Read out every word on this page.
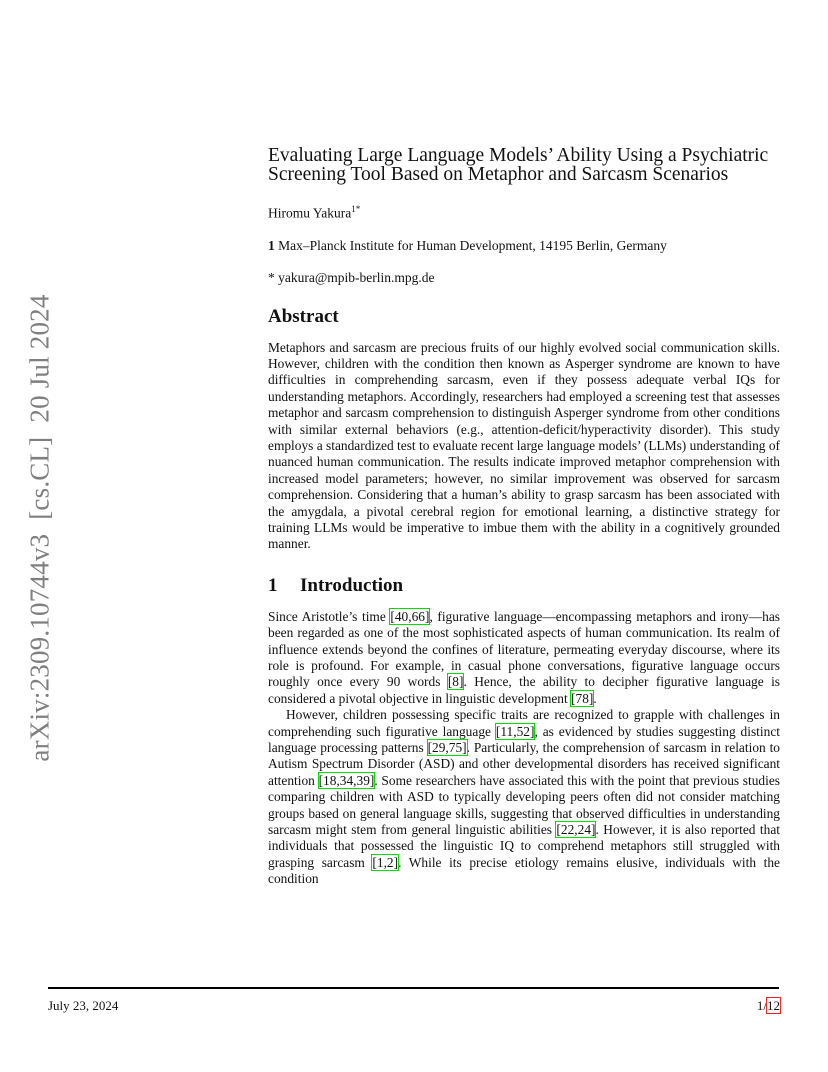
arXiv:2309.10744v3[cs.CL]20 Jul 2024
Evaluating Large Language Models’ Ability Using a Psychiatric Screening Tool Based on Metaphor and Sarcasm Scenarios
Hiromu Yakura$^{1*}$
1 Max–Planck Institute for Human Development, 14195 Berlin, Germany
* yakura@mpib-berlin.mpg.de
Abstract

Metaphors and sarcasm are precious fruits of our highly evolved social communication skills. However, children with the condition then known as Asperger syndrome are known to have difficulties in comprehending sarcasm, even if they possess adequate verbal IQs for understanding metaphors. Accordingly, researchers had employed a screening test that assesses metaphor and sarcasm comprehension to distinguish Asperger syndrome from other conditions with similar external behaviors (e.g., attention-deficit/hyperactivity disorder). This study employs a standardized test to evaluate recent large language models’ (LLMs) understanding of nuanced human communication. The results indicate improved metaphor comprehension with increased model parameters; however, no similar improvement was observed for sarcasm comprehension. Considering that a human’s ability to grasp sarcasm has been associated with the amygdala, a pivotal cerebral region for emotional learning, a distinctive strategy for training LLMs would be imperative to imbue them with the ability in a cognitively grounded manner.

1 Introduction

Since Aristotle’s time [40,66], figurative language—encompassing metaphors and irony—has been regarded as one of the most sophisticated aspects of human communication. Its realm of influence extends beyond the confines of literature, permeating everyday discourse, where its role is profound. For example, in casual phone conversations, figurative language occurs roughly once every 90 words [8]. Hence, the ability to decipher figurative language is considered a pivotal objective in linguistic development [78].

However, children possessing specific traits are recognized to grapple with challenges in comprehending such figurative language [11,52], as evidenced by studies suggesting distinct language processing patterns [29,75]. Particularly, the comprehension of sarcasm in relation to Autism Spectrum Disorder (ASD) and other developmental disorders has received significant attention [18,34,39]. Some researchers have associated this with the point that previous studies comparing children with ASD to typically developing peers often did not consider matching groups based on general language skills, suggesting that observed difficulties in understanding sarcasm might stem from general linguistic abilities [22,24]. However, it is also reported that individuals that possessed the linguistic IQ to comprehend metaphors still struggled with grasping sarcasm [1,2]. While its precise etiology remains elusive, individuals with the condition

July 23, 2024	1/12
